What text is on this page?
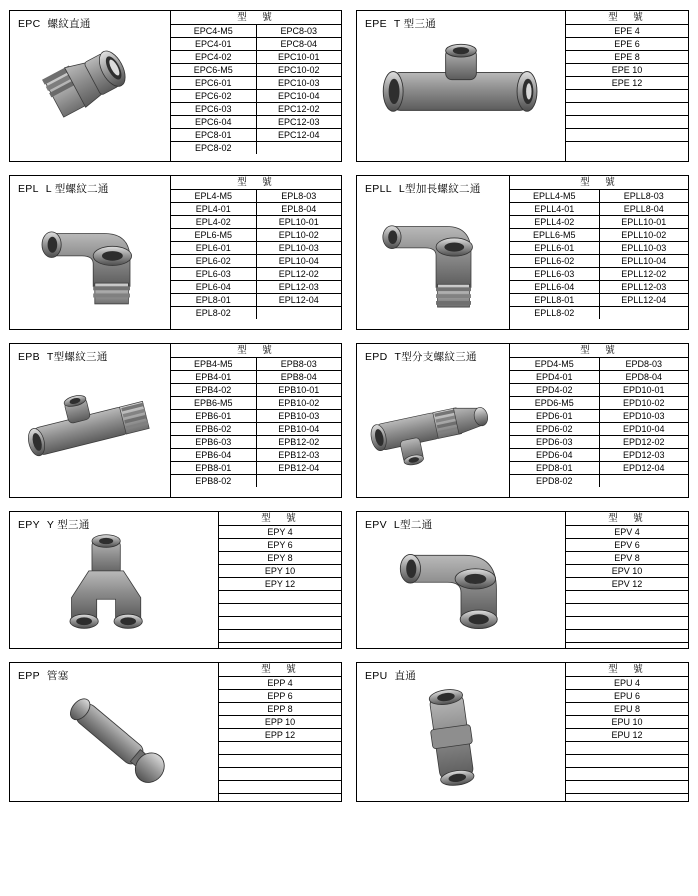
EPC 螺紋直通
型　號	
EPC4-M5	EPC8-03
EPC4-01	EPC8-04
EPC4-02	EPC10-01
EPC6-M5	EPC10-02
EPC6-01	EPC10-03
EPC6-02	EPC10-04
EPC6-03	EPC12-02
EPC6-04	EPC12-03
EPC8-01	EPC12-04
EPC8-02	
EPE T 型三通
型　號
EPE 4
EPE 6
EPE 8
EPE 10
EPE 12

EPL L 型螺紋二通
型　號	
EPL4-M5	EPL8-03
EPL4-01	EPL8-04
EPL4-02	EPL10-01
EPL6-M5	EPL10-02
EPL6-01	EPL10-03
EPL6-02	EPL10-04
EPL6-03	EPL12-02
EPL6-04	EPL12-03
EPL8-01	EPL12-04
EPL8-02	
EPLL L型加長螺紋二通
型　號	
EPLL4-M5	EPLL8-03
EPLL4-01	EPLL8-04
EPLL4-02	EPLL10-01
EPLL6-M5	EPLL10-02
EPLL6-01	EPLL10-03
EPLL6-02	EPLL10-04
EPLL6-03	EPLL12-02
EPLL6-04	EPLL12-03
EPLL8-01	EPLL12-04
EPLL8-02	
EPB T型螺紋三通
型　號	
EPB4-M5	EPB8-03
EPB4-01	EPB8-04
EPB4-02	EPB10-01
EPB6-M5	EPB10-02
EPB6-01	EPB10-03
EPB6-02	EPB10-04
EPB6-03	EPB12-02
EPB6-04	EPB12-03
EPB8-01	EPB12-04
EPB8-02	
EPD T型分支螺紋三通
型　號	
EPD4-M5	EPD8-03
EPD4-01	EPD8-04
EPD4-02	EPD10-01
EPD6-M5	EPD10-02
EPD6-01	EPD10-03
EPD6-02	EPD10-04
EPD6-03	EPD12-02
EPD6-04	EPD12-03
EPD8-01	EPD12-04
EPD8-02	
EPY Y 型三通
型　號
EPY 4
EPY 6
EPY 8
EPY 10
EPY 12

EPV L型二通
型　號
EPV 4
EPV 6
EPV 8
EPV 10
EPV 12

EPP 管塞
型　號
EPP 4
EPP 6
EPP 8
EPP 10
EPP 12

EPU 直通
型　號
EPU 4
EPU 6
EPU 8
EPU 10
EPU 12
